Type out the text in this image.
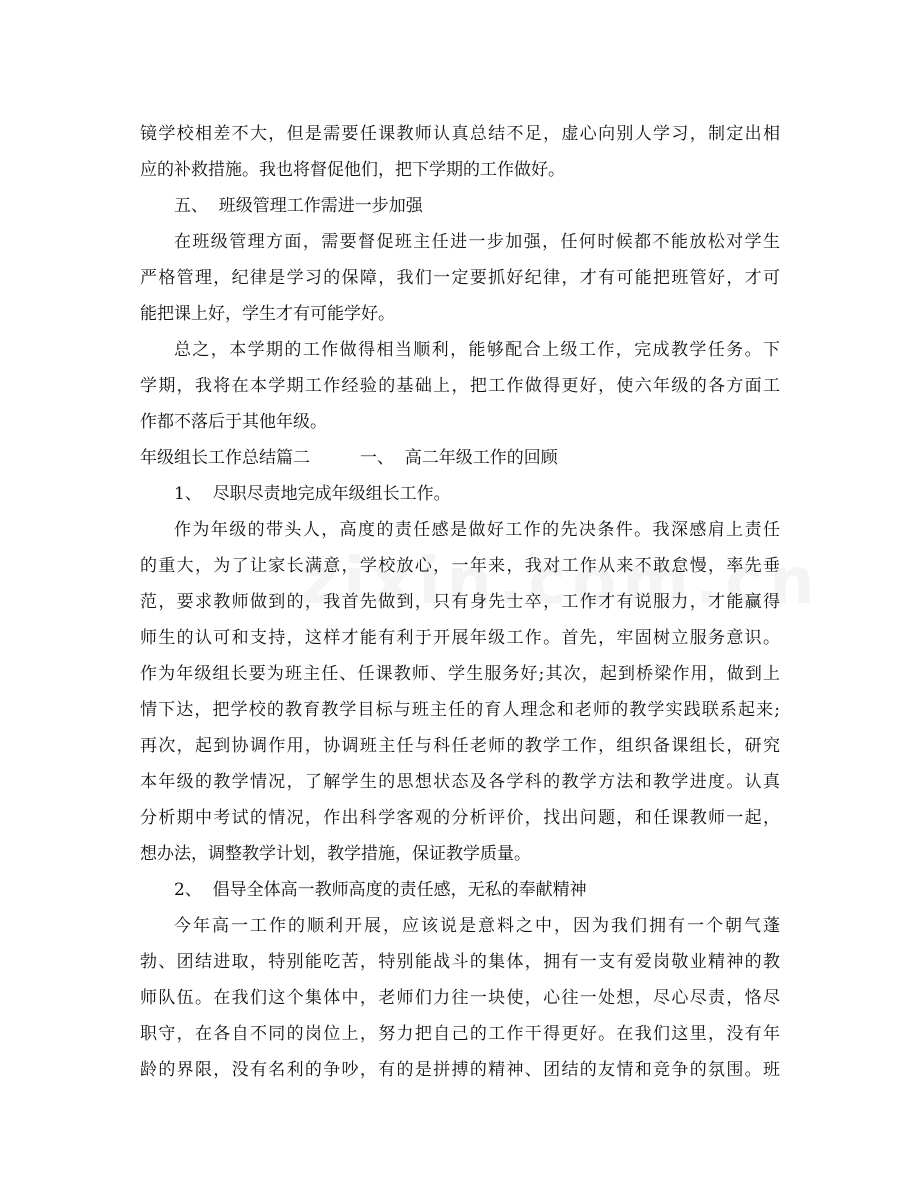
镜学校相差不大，但是需要任课教师认真总结不足，虚心向别人学习，制定出相
应的补救措施。我也将督促他们，把下学期的工作做好。
五、  班级管理工作需进一步加强
在班级管理方面，需要督促班主任进一步加强，任何时候都不能放松对学生
严格管理，纪律是学习的保障，我们一定要抓好纪律，才有可能把班管好，才可
能把课上好，学生才有可能学好。
总之，本学期的工作做得相当顺利，能够配合上级工作，完成教学任务。下
学期，我将在本学期工作经验的基础上，把工作做得更好，使六年级的各方面工
作都不落后于其他年级。
年级组长工作总结篇二	一、  高二年级工作的回顾
1、  尽职尽责地完成年级组长工作。
作为年级的带头人，高度的责任感是做好工作的先决条件。我深感肩上责任
的重大，为了让家长满意，学校放心，一年来，我对工作从来不敢怠慢，率先垂
范，要求教师做到的，我首先做到，只有身先士卒，工作才有说服力，才能赢得
师生的认可和支持，这样才能有利于开展年级工作。首先，牢固树立服务意识。
作为年级组长要为班主任、任课教师、学生服务好;其次，起到桥梁作用，做到上
情下达，把学校的教育教学目标与班主任的育人理念和老师的教学实践联系起来;
再次，起到协调作用，协调班主任与科任老师的教学工作，组织备课组长，研究
本年级的教学情况，了解学生的思想状态及各学科的教学方法和教学进度。认真
分析期中考试的情况，作出科学客观的分析评价，找出问题，和任课教师一起，
想办法，调整教学计划，教学措施，保证教学质量。
2、  倡导全体高一教师高度的责任感，无私的奉献精神
今年高一工作的顺利开展，应该说是意料之中，因为我们拥有一个朝气蓬
勃、团结进取，特别能吃苦，特别能战斗的集体，拥有一支有爱岗敬业精神的教
师队伍。在我们这个集体中，老师们力往一块使，心往一处想，尽心尽责，恪尽
职守，在各自不同的岗位上，努力把自己的工作干得更好。在我们这里，没有年
龄的界限，没有名利的争吵，有的是拼搏的精神、团结的友情和竞争的氛围。班
